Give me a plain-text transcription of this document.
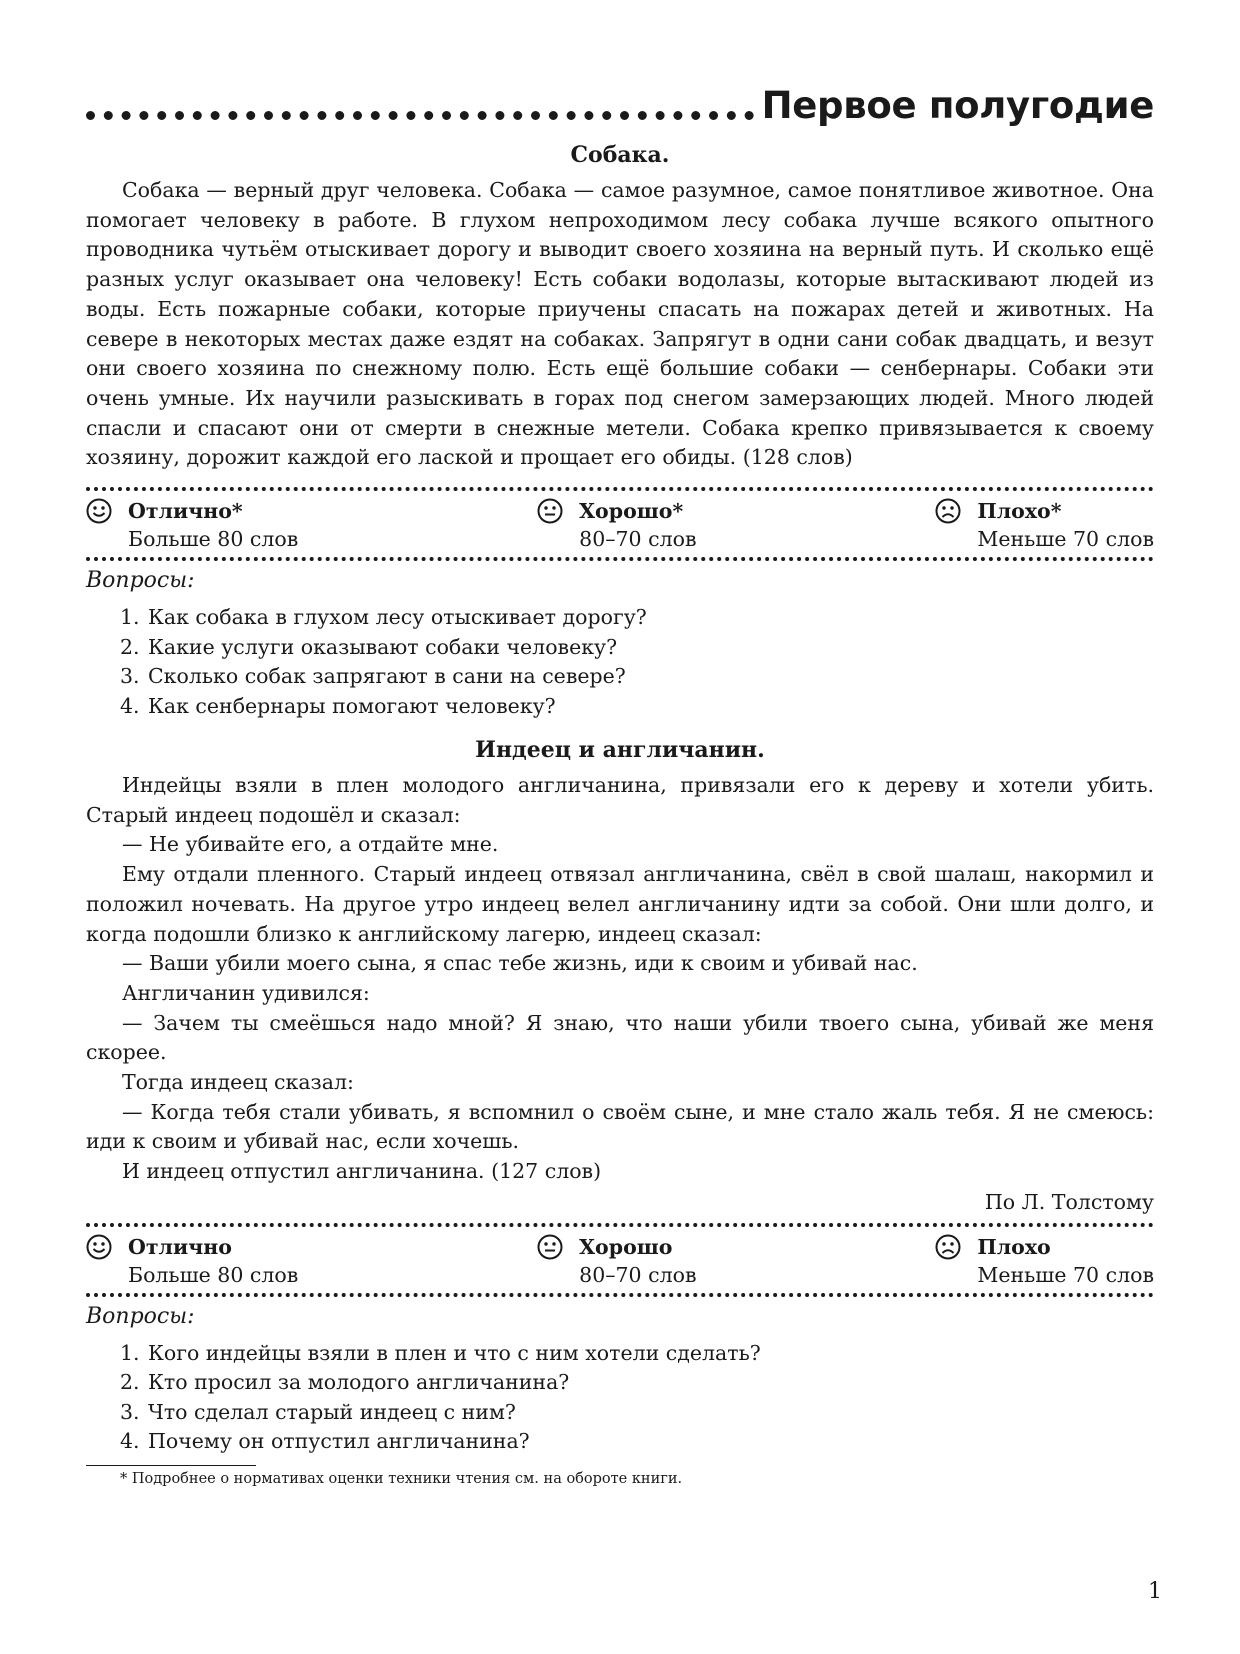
Первое полугодие
Собака.

Собака — верный друг человека. Собака — самое разумное, самое понятливое животное. Она помогает человеку в работе. В глухом непроходимом лесу собака лучше всякого опытного проводника чутьём отыскивает дорогу и выводит своего хозяина на верный путь. И сколько ещё разных услуг оказывает она человеку! Есть собаки водолазы, которые вытаскивают людей из воды. Есть пожарные собаки, которые приучены спасать на пожарах детей и животных. На севере в некоторых местах даже ездят на собаках. Запрягут в одни сани собак двадцать, и везут они своего хозяина по снежному полю. Есть ещё большие собаки — сенбернары. Собаки эти очень умные. Их научили разыскивать в горах под снегом замерзающих людей. Много людей спасли и спасают они от смерти в снежные метели. Собака крепко привязывается к своему хозяину, дорожит каждой его лаской и прощает его обиды. (128 слов)

Отлично*
Больше 80 слов
Хорошо*
80–70 слов
Плохо*
Меньше 70 слов
Вопросы:
1. Как собака в глухом лесу отыскивает дорогу?
2. Какие услуги оказывают собаки человеку?
3. Сколько собак запрягают в сани на севере?
4. Как сенбернары помогают человеку?
Индеец и англичанин.

Индейцы взяли в плен молодого англичанина, привязали его к дереву и хотели убить. Старый индеец подошёл и сказал:

— Не убивайте его, а отдайте мне.

Ему отдали пленного. Старый индеец отвязал англичанина, свёл в свой шалаш, накормил и положил ночевать. На другое утро индеец велел англичанину идти за собой. Они шли долго, и когда подошли близко к английскому лагерю, индеец сказал:

— Ваши убили моего сына, я спас тебе жизнь, иди к своим и убивай нас.

Англичанин удивился:

— Зачем ты смеёшься надо мной? Я знаю, что наши убили твоего сына, убивай же меня скорее.

Тогда индеец сказал:

— Когда тебя стали убивать, я вспомнил о своём сыне, и мне стало жаль тебя. Я не смеюсь: иди к своим и убивай нас, если хочешь.

И индеец отпустил англичанина. (127 слов)

По Л. Толстому
Отлично
Больше 80 слов
Хорошо
80–70 слов
Плохо
Меньше 70 слов
Вопросы:
1. Кого индейцы взяли в плен и что с ним хотели сделать?
2. Кто просил за молодого англичанина?
3. Что сделал старый индеец с ним?
4. Почему он отпустил англичанина?
* Подробнее о нормативах оценки техники чтения см. на обороте книги.
1
